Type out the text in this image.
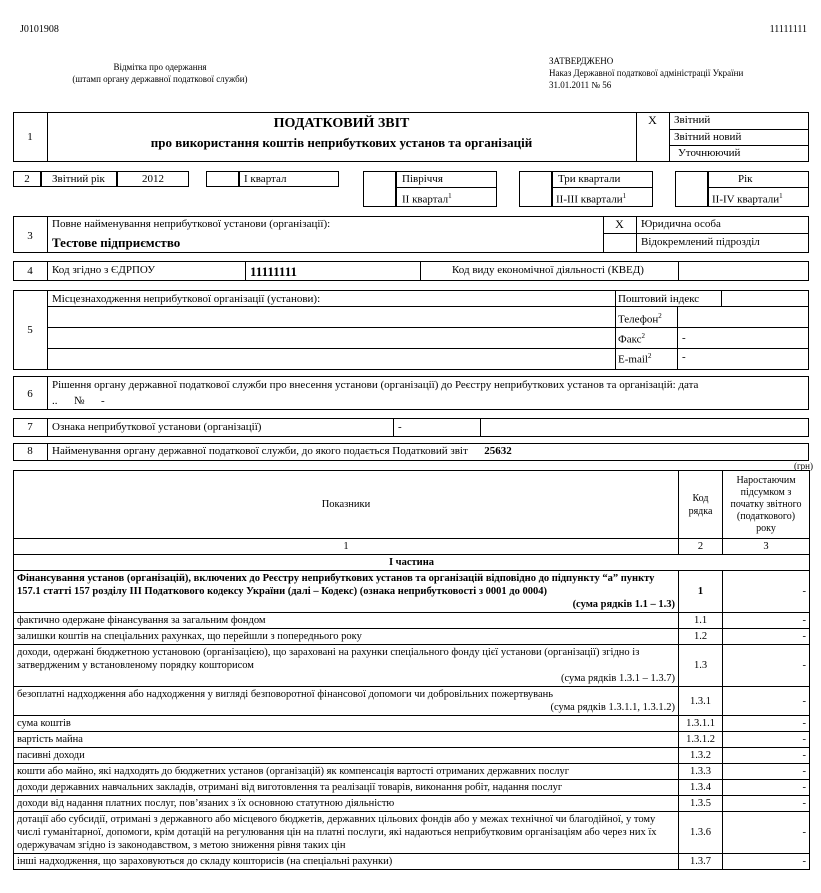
J0101908	11111111
Відмітка про одержання
(штамп органу державної податкової служби)
ЗАТВЕРДЖЕНО
Наказ Державної податкової адміністрації України
31.01.2011 № 56
1
ПОДАТКОВИЙ ЗВІТ
про використання коштів неприбуткових установ та організацій
X	Звітний
Звітний новий
Уточнюючий
2	Звітний рік	2012	I квартал	Півріччя
II квартал$^1$
Три квартали
II-III квартали$^1$
Рік
II-IV квартали$^1$
3
Повне найменування неприбуткової установи (організації):
Тестове підприємство
X	Юридична особа
Відокремлений підрозділ
4	Код згідно з ЄДРПОУ	11111111	Код виду економічної діяльності (КВЕД)
5
Місцезнаходження неприбуткової організації (установи):	Поштовий індекс
Телефон$^2$
Факс$^2$	-
E-mail$^2$	-
6
Рішення органу державної податкової служби про внесення установи (організації) до Реєстру неприбуткових установ та організацій: дата
..      №      -
7	Ознака неприбуткової установи (організації)	-
8	Найменування органу державної податкової служби, до якого подається Податковий звіт 25632
(грн)
Показники	Код рядка	Наростаючим підсумком з початку звітного (податкового) року
1	2	3
I частина		

Фінансування установ (організацій), включених до Реєстру неприбуткових установ та організацій відповідно до підпункту “а” пункту 157.1 статті 157 розділу ІІІ Податкового кодексу України (далі – Кодекс) (ознака неприбутковості з 0001 до 0004)
(сума рядків 1.1 – 1.3)	1	-

фактично одержане фінансування за загальним фондом	1.1	-

залишки коштів на спеціальних рахунках, що перейшли з попереднього року	1.2	-

доходи, одержані бюджетною установою (організацією), що зараховані на рахунки спеціального фонду цієї установи (організації) згідно із затвердженим у встановленому порядку кошторисом
(сума рядків 1.3.1 – 1.3.7)	1.3	-

безоплатні надходження або надходження у вигляді безповоротної фінансової допомоги чи добровільних пожертвувань
(сума рядків 1.3.1.1, 1.3.1.2)	1.3.1	-

сума коштів	1.3.1.1	-

вартість майна	1.3.1.2	-

пасивні доходи	1.3.2	-

кошти або майно, які надходять до бюджетних установ (організацій) як компенсація вартості отриманих державних послуг	1.3.3	-

доходи державних навчальних закладів, отримані від виготовлення та реалізації товарів, виконання робіт, надання послуг	1.3.4	-

доходи від надання платних послуг, пов’язаних з їх основною статутною діяльністю	1.3.5	-

дотації або субсидії, отримані з державного або місцевого бюджетів, державних цільових фондів або у межах технічної чи благодійної, у тому числі гуманітарної, допомоги, крім дотацій на регулювання цін на платні послуги, які надаються неприбутковим організаціям або через них їх одержувачам згідно із законодавством, з метою зниження рівня таких цін	1.3.6	-

інші надходження, що зараховуються до складу кошторисів (на спеціальні рахунки)	1.3.7	-
